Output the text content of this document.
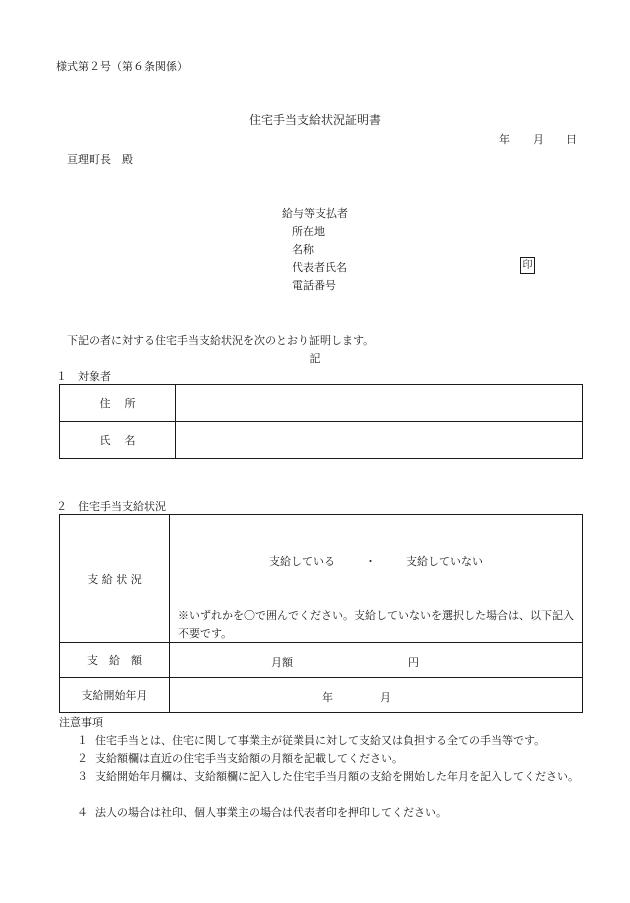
様式第２号（第６条関係）
住宅手当支給状況証明書
年 月 日
亘理町長　殿
給与等支払者
所在地
名称
代表者氏名	印
電話番号
下記の者に対する住宅手当支給状況を次のとおり証明します。
記
１　対象者
住所	
氏名	
２　住宅手当支給状況
支 給 状 況	支給している ・ 支給していない
※いずれかを〇で囲んでください。支給していないを選択した場合は、以下記入不要です。

支　給　額	月額 円

支給開始年月	年 月
注意事項
１ 住宅手当とは、住宅に関して事業主が従業員に対して支給又は負担する全ての手当等です。
２ 支給額欄は直近の住宅手当支給額の月額を記載してください。
３ 支給開始年月欄は、支給額欄に記入した住宅手当月額の支給を開始した年月を記入してください。
４ 法人の場合は社印、個人事業主の場合は代表者印を押印してください。
